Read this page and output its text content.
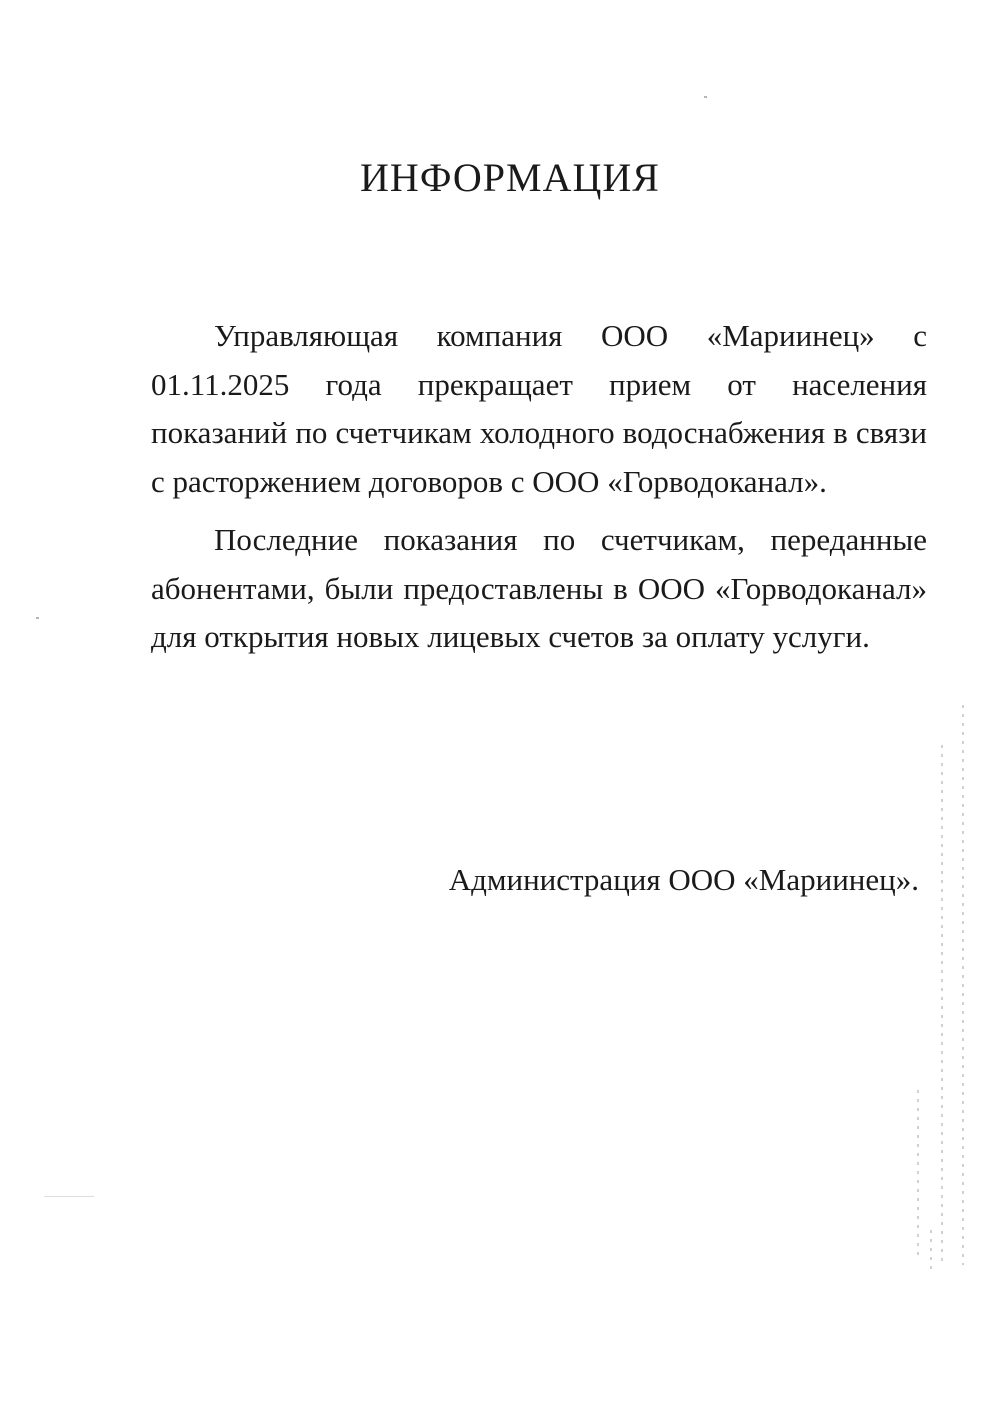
ИНФОРМАЦИЯ

Управляющая компания ООО «Мариинец» с 01.11.2025 года прекращает прием от населения показаний по счетчикам холодного водоснабжения в связи с расторжением договоров с ООО «Горводоканал».

Последние показания по счетчикам, переданные абонентами, были предоставлены в ООО «Горводоканал» для открытия новых лицевых счетов за оплату услуги.

Администрация ООО «Мариинец».
